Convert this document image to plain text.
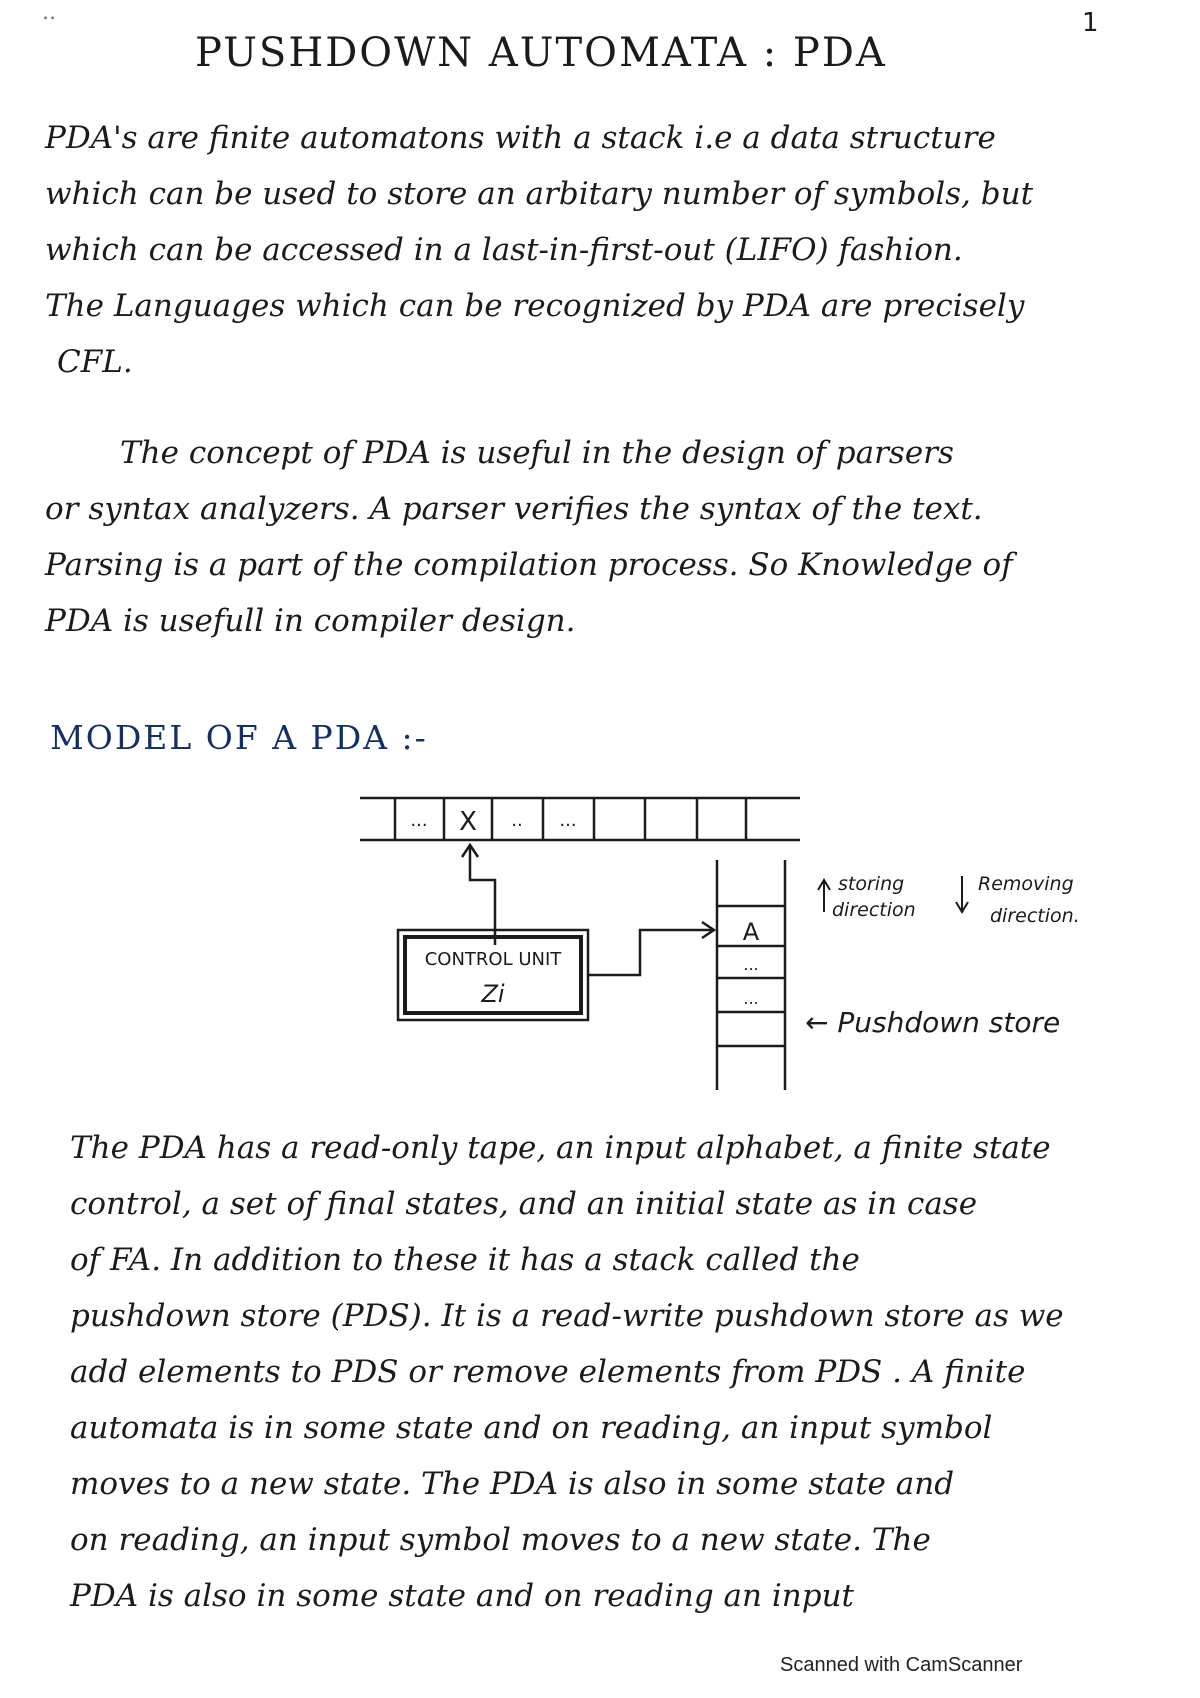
..	1
PUSHDOWN AUTOMATA : PDA

PDA's are finite automatons with a stack i.e a data structure
which can be used to store an arbitary number of symbols, but
which can be accessed in a last-in-first-out (LIFO) fashion.
The Languages which can be recognized by PDA are precisely
CFL.

The concept of PDA is useful in the design of parsers
or syntax analyzers. A parser verifies the syntax of the text.
Parsing is a part of the compilation process. So Knowledge of
PDA is usefull in compiler design.

MODEL OF A PDA :-
... X .. ...
CONTROL UNIT
Zi
A
...
...
storing
direction
Removing
direction.
← Pushdown store

The PDA has a read-only tape, an input alphabet, a finite state
control, a set of final states, and an initial state as in case
of FA. In addition to these it has a stack called the
pushdown store (PDS). It is a read-write pushdown store as we
add elements to PDS or remove elements from PDS . A finite
automata is in some state and on reading, an input symbol
moves to a new state. The PDA is also in some state and
on reading, an input symbol moves to a new state. The
PDA is also in some state and on reading an input

Scanned with CamScanner
